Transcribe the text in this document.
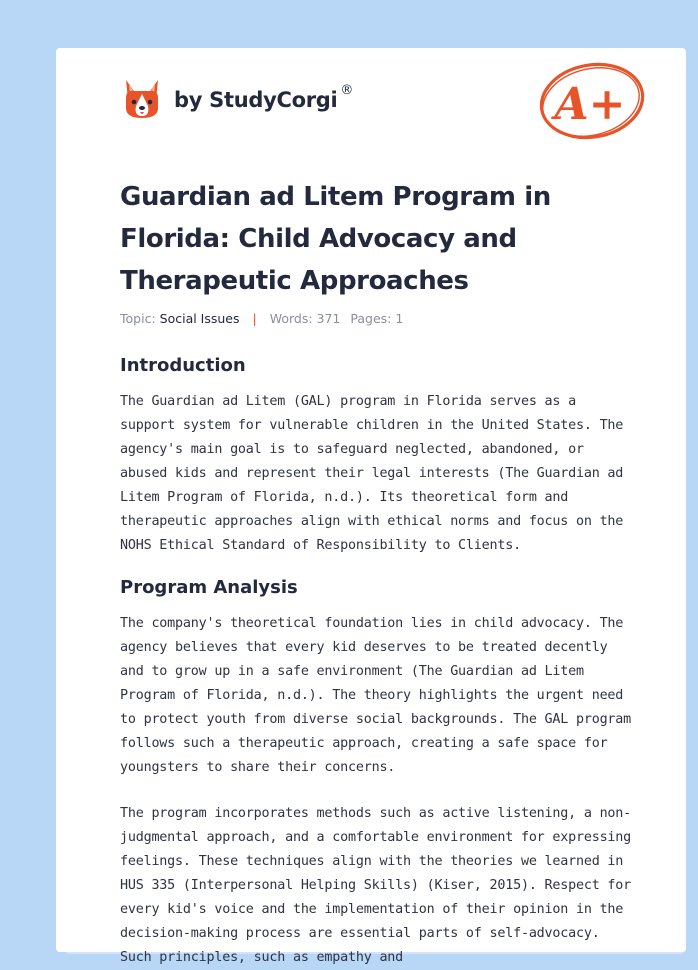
by StudyCorgi ®	A+
Guardian ad Litem Program in Florida: Child Advocacy and Therapeutic Approaches
Topic: Social Issues | Words: 371 Pages: 1
Introduction

The Guardian ad Litem (GAL) program in Florida serves as a support system for vulnerable children in the United States. The agency's main goal is to safeguard neglected, abandoned, or abused kids and represent their legal interests (The Guardian ad Litem Program of Florida, n.d.). Its theoretical form and therapeutic approaches align with ethical norms and focus on the NOHS Ethical Standard of Responsibility to Clients.

Program Analysis

The company's theoretical foundation lies in child advocacy. The agency believes that every kid deserves to be treated decently and to grow up in a safe environment (The Guardian ad Litem Program of Florida, n.d.). The theory highlights the urgent need to protect youth from diverse social backgrounds. The GAL program follows such a therapeutic approach, creating a safe space for youngsters to share their concerns.

The program incorporates methods such as active listening, a non-judgmental approach, and a comfortable environment for expressing feelings. These techniques align with the theories we learned in HUS 335 (Interpersonal Helping Skills) (Kiser, 2015). Respect for every kid's voice and the implementation of their opinion in the decision-making process are essential parts of self-advocacy. Such principles, such as empathy and
